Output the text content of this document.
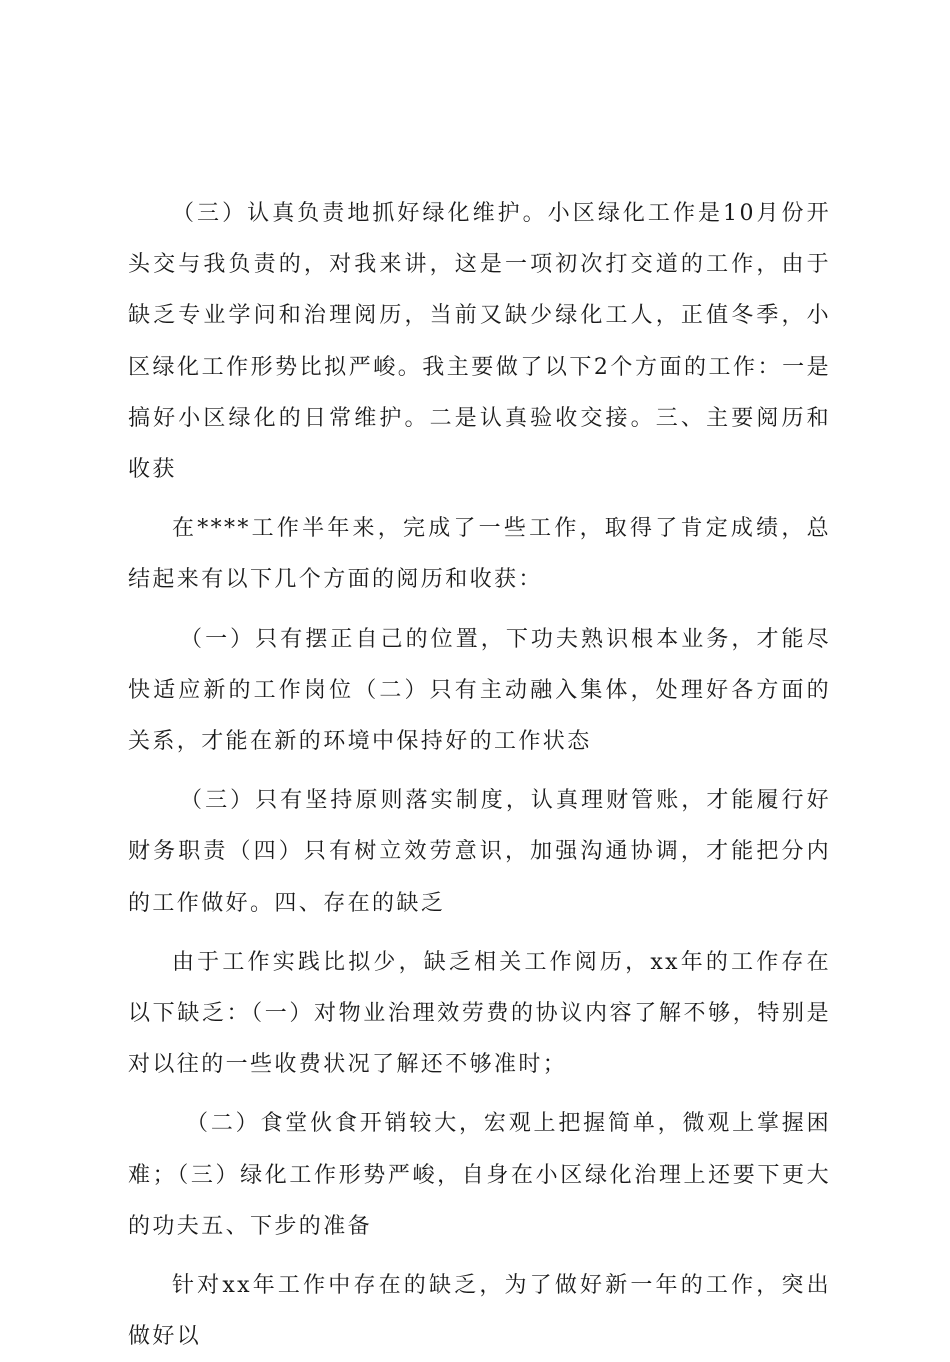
（三）认真负责地抓好绿化维护。小区绿化工作是10月份开头交与我负责的，对我来讲，这是一项初次打交道的工作，由于缺乏专业学问和治理阅历，当前又缺少绿化工人，正值冬季，小区绿化工作形势比拟严峻。我主要做了以下2个方面的工作：一是搞好小区绿化的日常维护。二是认真验收交接。三、主要阅历和收获

在****工作半年来，完成了一些工作，取得了肯定成绩，总结起来有以下几个方面的阅历和收获：

（一）只有摆正自己的位置，下功夫熟识根本业务，才能尽快适应新的工作岗位（二）只有主动融入集体，处理好各方面的关系，才能在新的环境中保持好的工作状态

（三）只有坚持原则落实制度，认真理财管账，才能履行好财务职责（四）只有树立效劳意识，加强沟通协调，才能把分内的工作做好。四、存在的缺乏

由于工作实践比拟少，缺乏相关工作阅历，xx年的工作存在以下缺乏：（一）对物业治理效劳费的协议内容了解不够，特别是对以往的一些收费状况了解还不够准时；

（二）食堂伙食开销较大，宏观上把握简单，微观上掌握困难；（三）绿化工作形势严峻，自身在小区绿化治理上还要下更大的功夫五、下步的准备

针对xx年工作中存在的缺乏，为了做好新一年的工作，突出做好以
